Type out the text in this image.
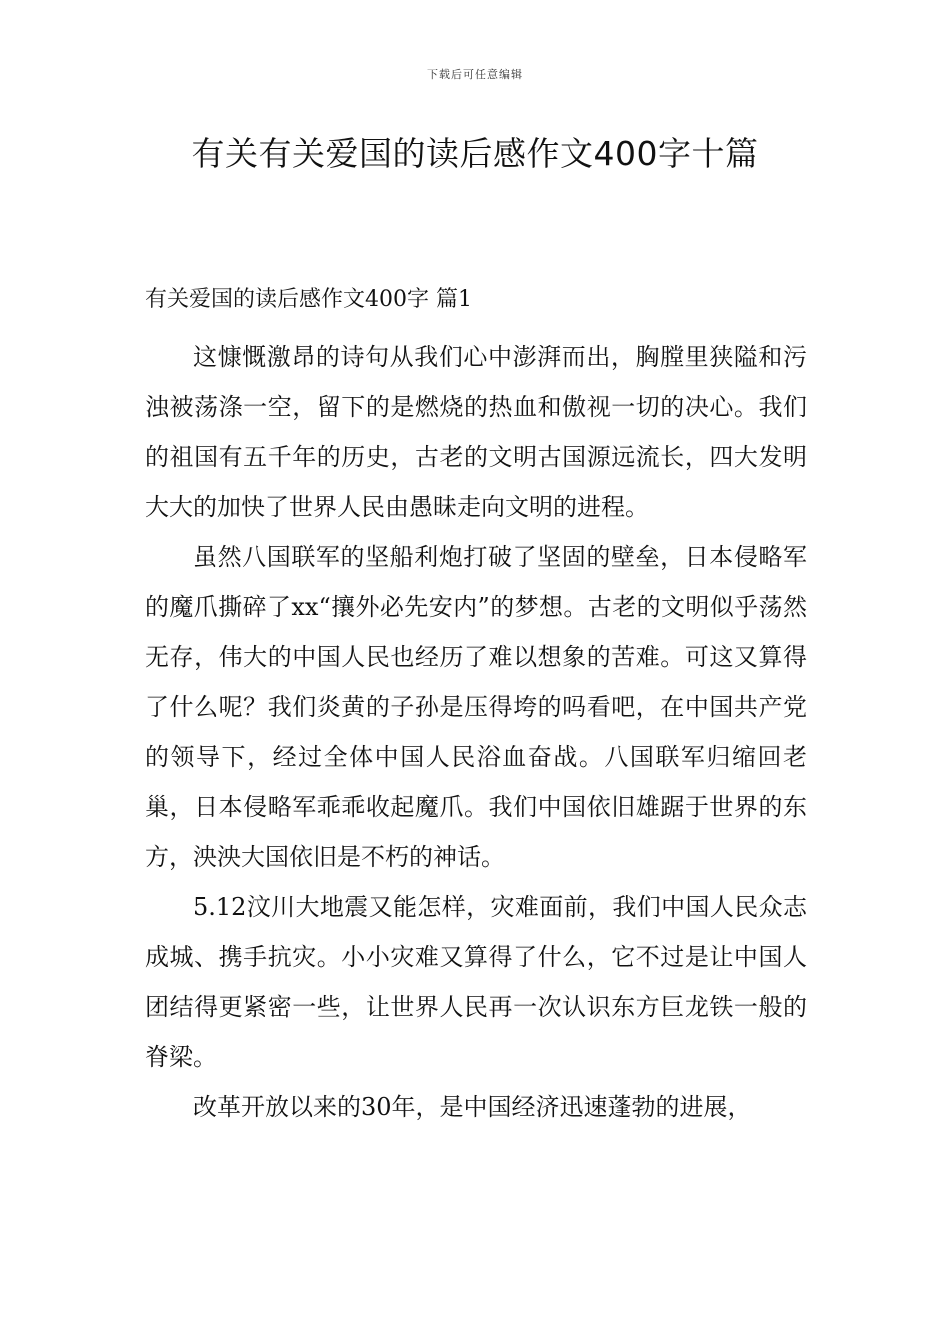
下载后可任意编辑
有关有关爱国的读后感作文400字十篇
有关爱国的读后感作文400字 篇1

这慷慨激昂的诗句从我们心中澎湃而出，胸膛里狭隘和污浊被荡涤一空，留下的是燃烧的热血和傲视一切的决心。我们的祖国有五千年的历史，古老的文明古国源远流长，四大发明大大的加快了世界人民由愚昧走向文明的进程。

虽然八国联军的坚船利炮打破了坚固的壁垒，日本侵略军的魔爪撕碎了xx“攘外必先安内”的梦想。古老的文明似乎荡然无存，伟大的中国人民也经历了难以想象的苦难。可这又算得了什么呢？我们炎黄的子孙是压得垮的吗看吧，在中国共产党的领导下，经过全体中国人民浴血奋战。八国联军归缩回老巢，日本侵略军乖乖收起魔爪。我们中国依旧雄踞于世界的东方，泱泱大国依旧是不朽的神话。

5.12汶川大地震又能怎样，灾难面前，我们中国人民众志成城、携手抗灾。小小灾难又算得了什么，它不过是让中国人团结得更紧密一些，让世界人民再一次认识东方巨龙铁一般的脊梁。

改革开放以来的30年，是中国经济迅速蓬勃的进展，
